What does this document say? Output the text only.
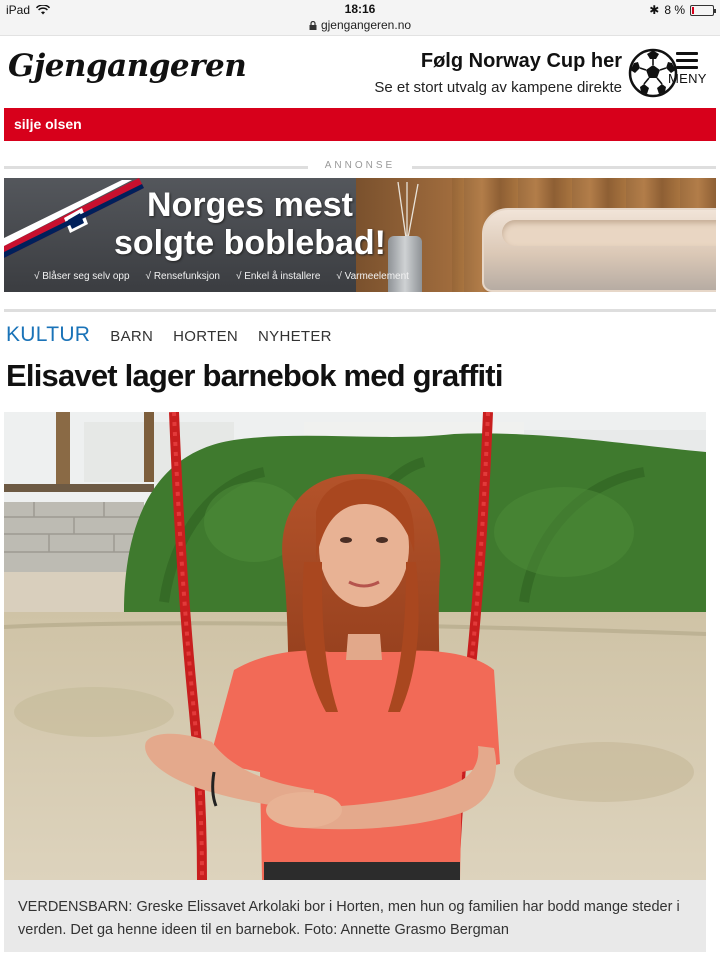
iPad	18:16
gjengangeren.no
✱ 8 %
Gjengangeren	Følg Norway Cup her
Se et stort utvalg av kampene direkte
MENY
silje olsen
ANNONSE
Norges mest
solgte boblebad!
√ Blåser seg selv opp √ Rensefunksjon √ Enkel å installere √ Varmeelement
KULTUR BARN HORTEN NYHETER
Elisavet lager barnebok med graffiti
VERDENSBARN: Greske Elissavet Arkolaki bor i Horten, men hun og familien har bodd mange steder i verden. Det ga henne ideen til en barnebok. Foto: Annette Grasmo Bergman
